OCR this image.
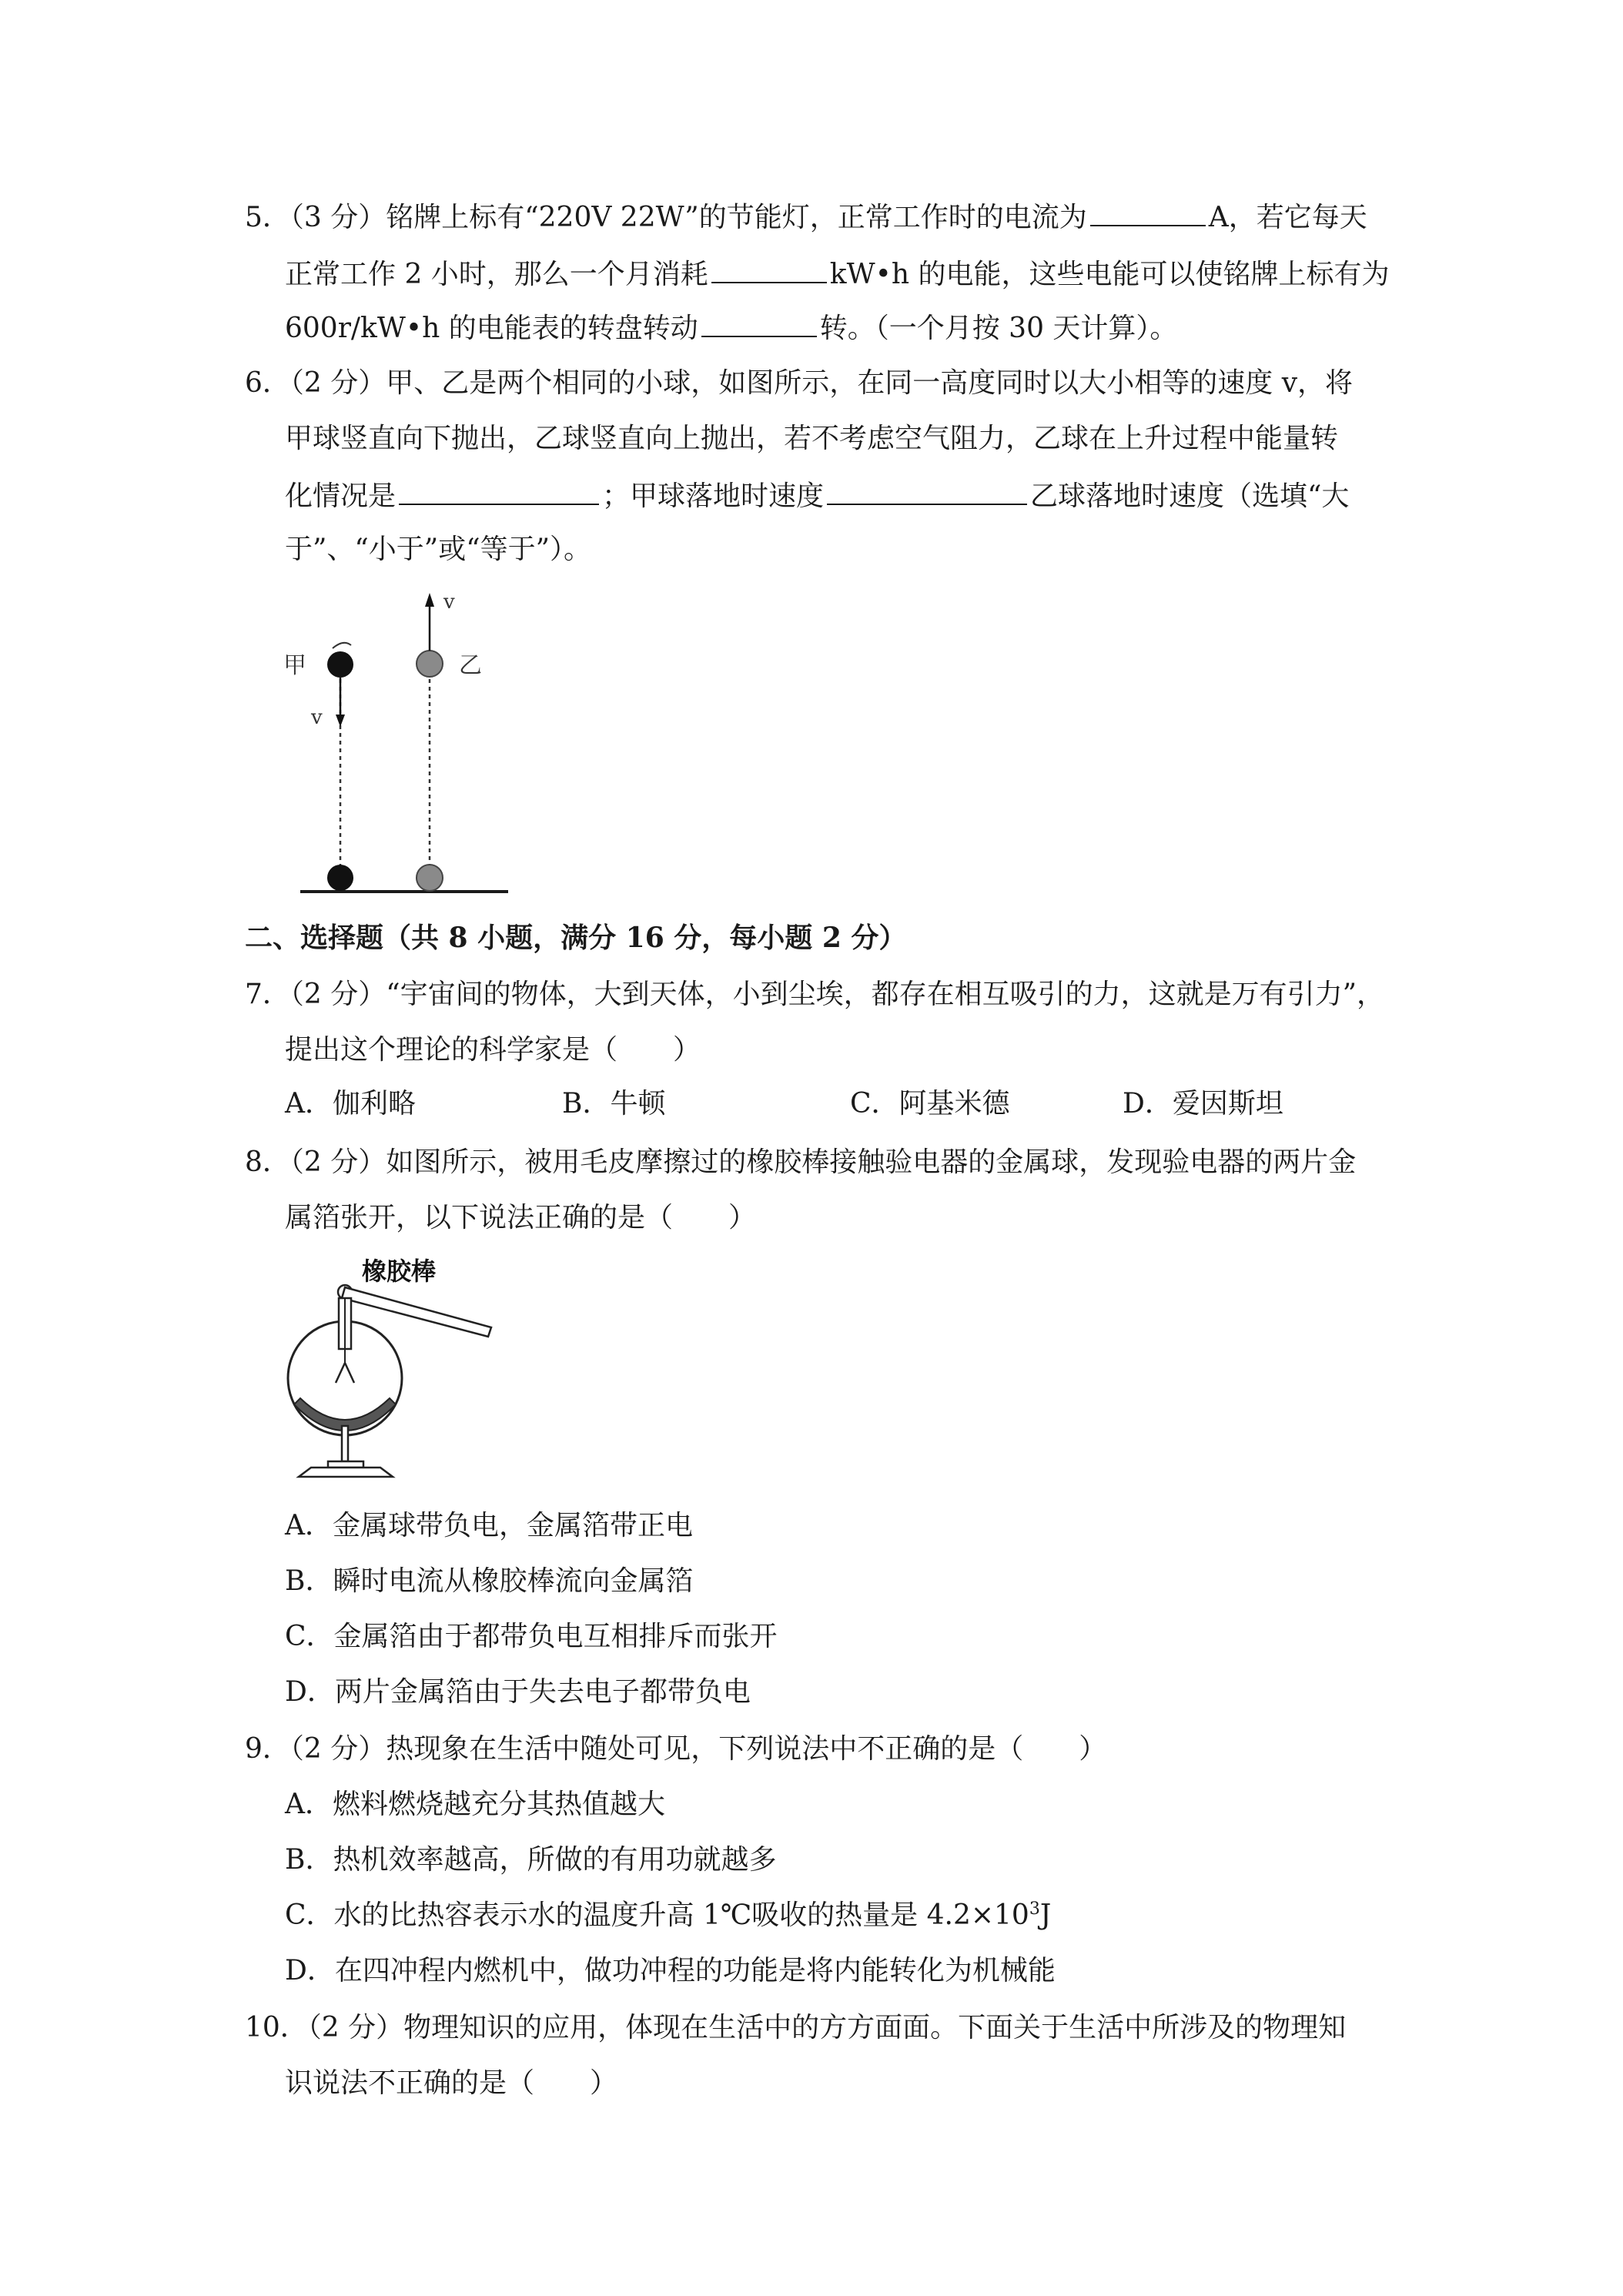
5．（3 分）铭牌上标有“220V 22W”的节能灯，正常工作时的电流为	A，若它每天
正常工作 2 小时，那么一个月消耗	kW•h 的电能，这些电能可以使铭牌上标有为
600r/kW•h 的电能表的转盘转动	转。（一个月按 30 天计算）。
6．（2 分）甲、乙是两个相同的小球，如图所示，在同一高度同时以大小相等的速度 v，将
甲球竖直向下抛出，乙球竖直向上抛出，若不考虑空气阻力，乙球在上升过程中能量转
化情况是	；甲球落地时速度	乙球落地时速度（选填“大
于”、“小于”或“等于”）。
甲	乙
v
v
二、选择题（共 8 小题，满分 16 分，每小题 2 分）
7．（2 分）“宇宙间的物体，大到天体，小到尘埃，都存在相互吸引的力，这就是万有引力”，
提出这个理论的科学家是（　　）
A．伽利略	B．牛顿	C．阿基米德	D．爱因斯坦
8．（2 分）如图所示，被用毛皮摩擦过的橡胶棒接触验电器的金属球，发现验电器的两片金
属箔张开，以下说法正确的是（　　）
橡胶棒
A．金属球带负电，金属箔带正电
B．瞬时电流从橡胶棒流向金属箔
C．金属箔由于都带负电互相排斥而张开
D．两片金属箔由于失去电子都带负电
9．（2 分）热现象在生活中随处可见，下列说法中不正确的是（　　）
A．燃料燃烧越充分其热值越大
B．热机效率越高，所做的有用功就越多
C．水的比热容表示水的温度升高 1℃吸收的热量是 $4.2\times 10^3J$
D．在四冲程内燃机中，做功冲程的功能是将内能转化为机械能
10．（2 分）物理知识的应用，体现在生活中的方方面面。下面关于生活中所涉及的物理知
识说法不正确的是（　　）
